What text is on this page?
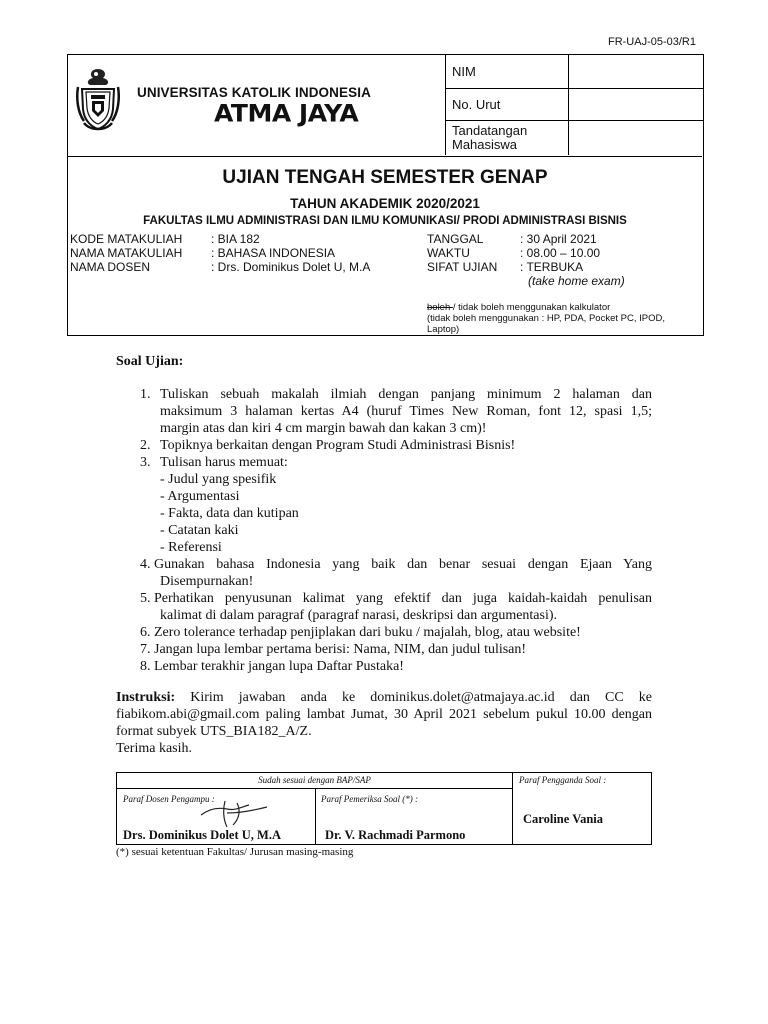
FR-UAJ-05-03/R1
UNIVERSITAS KATOLIK INDONESIA
ATMA JAYA
NIM
No. Urut
Tandatangan Mahasiswa
UJIAN TENGAH SEMESTER GENAP
TAHUN AKADEMIK 2020/2021
FAKULTAS ILMU ADMINISTRASI DAN ILMU KOMUNIKASI/ PRODI ADMINISTRASI BISNIS
KODE MATAKULIAH : BIA 182
NAMA MATAKULIAH : BAHASA INDONESIA
NAMA DOSEN	: Drs. Dominikus Dolet U, M.A
TANGGAL	: 30 April 2021
WAKTU	: 08.00 – 10.00
SIFAT UJIAN : TERBUKA
(take home exam)
boleh / tidak boleh menggunakan kalkulator
(tidak boleh menggunakan : HP, PDA, Pocket PC, IPOD,
Laptop)
Soal Ujian:
1. Tuliskan sebuah makalah ilmiah dengan panjang minimum 2 halaman dan
maksimum 3 halaman kertas A4 (huruf Times New Roman, font 12, spasi 1,5;
margin atas dan kiri 4 cm margin bawah dan kakan 3 cm)!
2. Topiknya berkaitan dengan Program Studi Administrasi Bisnis!
3. Tulisan harus memuat:
- Judul yang spesifik
- Argumentasi
- Fakta, data dan kutipan
- Catatan kaki
- Referensi
4. Gunakan bahasa Indonesia yang baik dan benar sesuai dengan Ejaan Yang
Disempurnakan!
5. Perhatikan penyusunan kalimat yang efektif dan juga kaidah-kaidah penulisan
kalimat di dalam paragraf (paragraf narasi, deskripsi dan argumentasi).
6. Zero tolerance terhadap penjiplakan dari buku / majalah, blog, atau website!
7. Jangan lupa lembar pertama berisi: Nama, NIM, dan judul tulisan!
8. Lembar terakhir jangan lupa Daftar Pustaka!
Instruksi: Kirim jawaban anda ke dominikus.dolet@atmajaya.ac.id dan CC ke fiabikom.abi@gmail.com paling lambat Jumat, 30 April 2021 sebelum pukul 10.00 dengan format subyek UTS_BIA182_A/Z.
Terima kasih.
Sudah sesuai dengan BAP/SAP
Paraf Dosen Pengampu :
Drs. Dominikus Dolet U, M.A
Paraf Pemeriksa Soal (*) :
Dr. V. Rachmadi Parmono
Paraf Pengganda Soal :
Caroline Vania
(*) sesuai ketentuan Fakultas/ Jurusan masing-masing
